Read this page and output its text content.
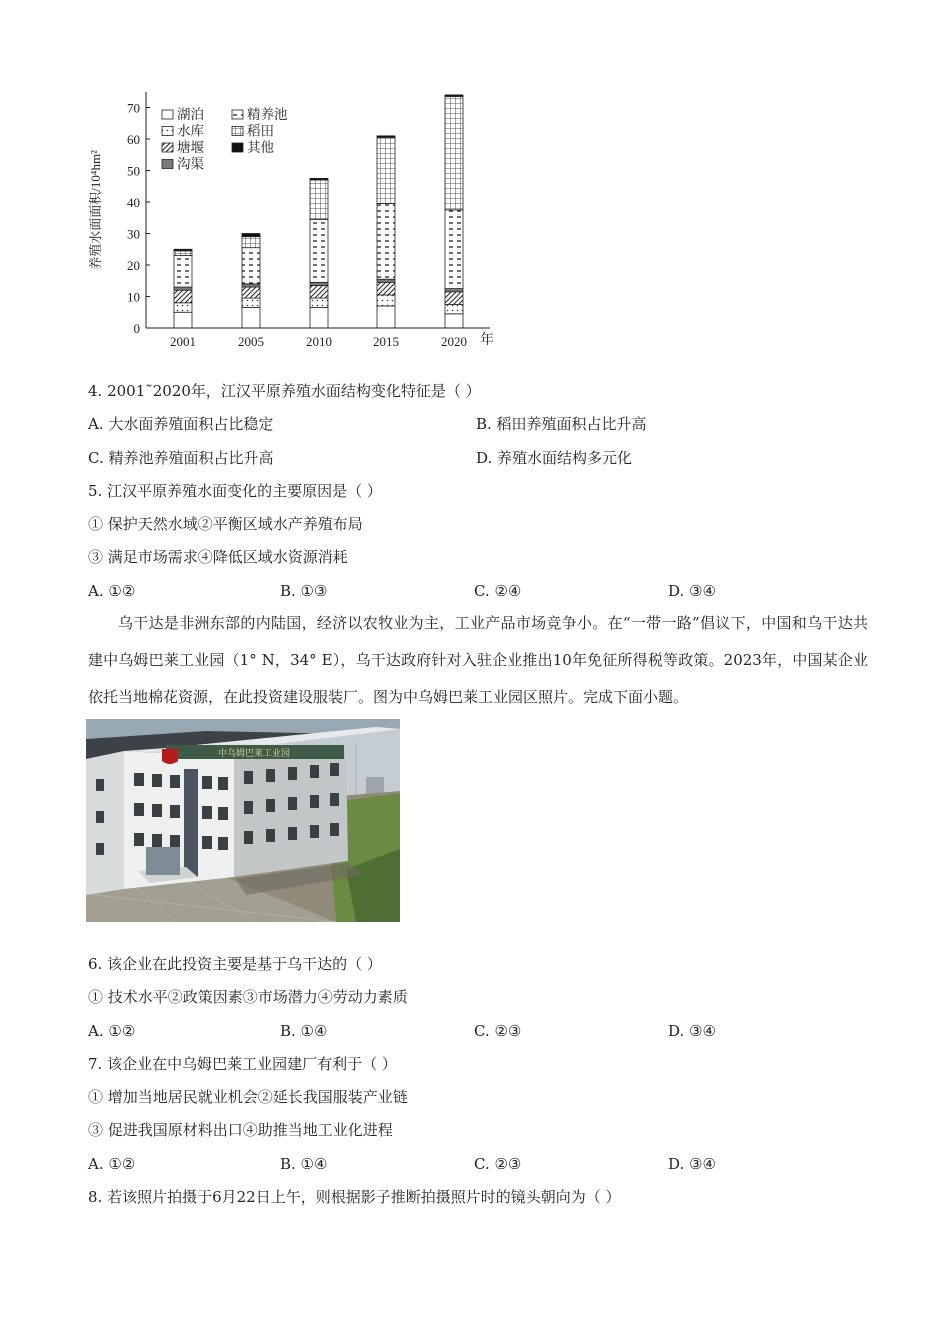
0
10
20
30
40
50
60
70
2001	2005	2010	2015	2020 年
养殖水面面积/10⁴hm²
湖泊
水库
塘堰
沟渠
精养池
稻田
其他
4. 2001˜2020年，江汉平原养殖水面结构变化特征是（ ）
A. 大水面养殖面积占比稳定	B. 稻田养殖面积占比升高
C. 精养池养殖面积占比升高	D. 养殖水面结构多元化
5. 江汉平原养殖水面变化的主要原因是（ ）
① 保护天然水域②平衡区域水产养殖布局
③ 满足市场需求④降低区域水资源消耗
A. ①②	B. ①③	C. ②④	D. ③④

乌干达是非洲东部的内陆国，经济以农牧业为主，工业产品市场竞争小。在“一带一路”倡议下，中国和乌干达共建中乌姆巴莱工业园（1° N，34° E），乌干达政府针对入驻企业推出10年免征所得税等政策。2023年，中国某企业依托当地棉花资源，在此投资建设服装厂。图为中乌姆巴莱工业园区照片。完成下面小题。

中乌姆巴莱工业园
6. 该企业在此投资主要是基于乌干达的（ ）
① 技术水平②政策因素③市场潜力④劳动力素质
A. ①②	B. ①④	C. ②③	D. ③④
7. 该企业在中乌姆巴莱工业园建厂有利于（ ）
① 增加当地居民就业机会②延长我国服装产业链
③ 促进我国原材料出口④助推当地工业化进程
A. ①②	B. ①④	C. ②③	D. ③④
8. 若该照片拍摄于6月22日上午，则根据影子推断拍摄照片时的镜头朝向为（ ）
